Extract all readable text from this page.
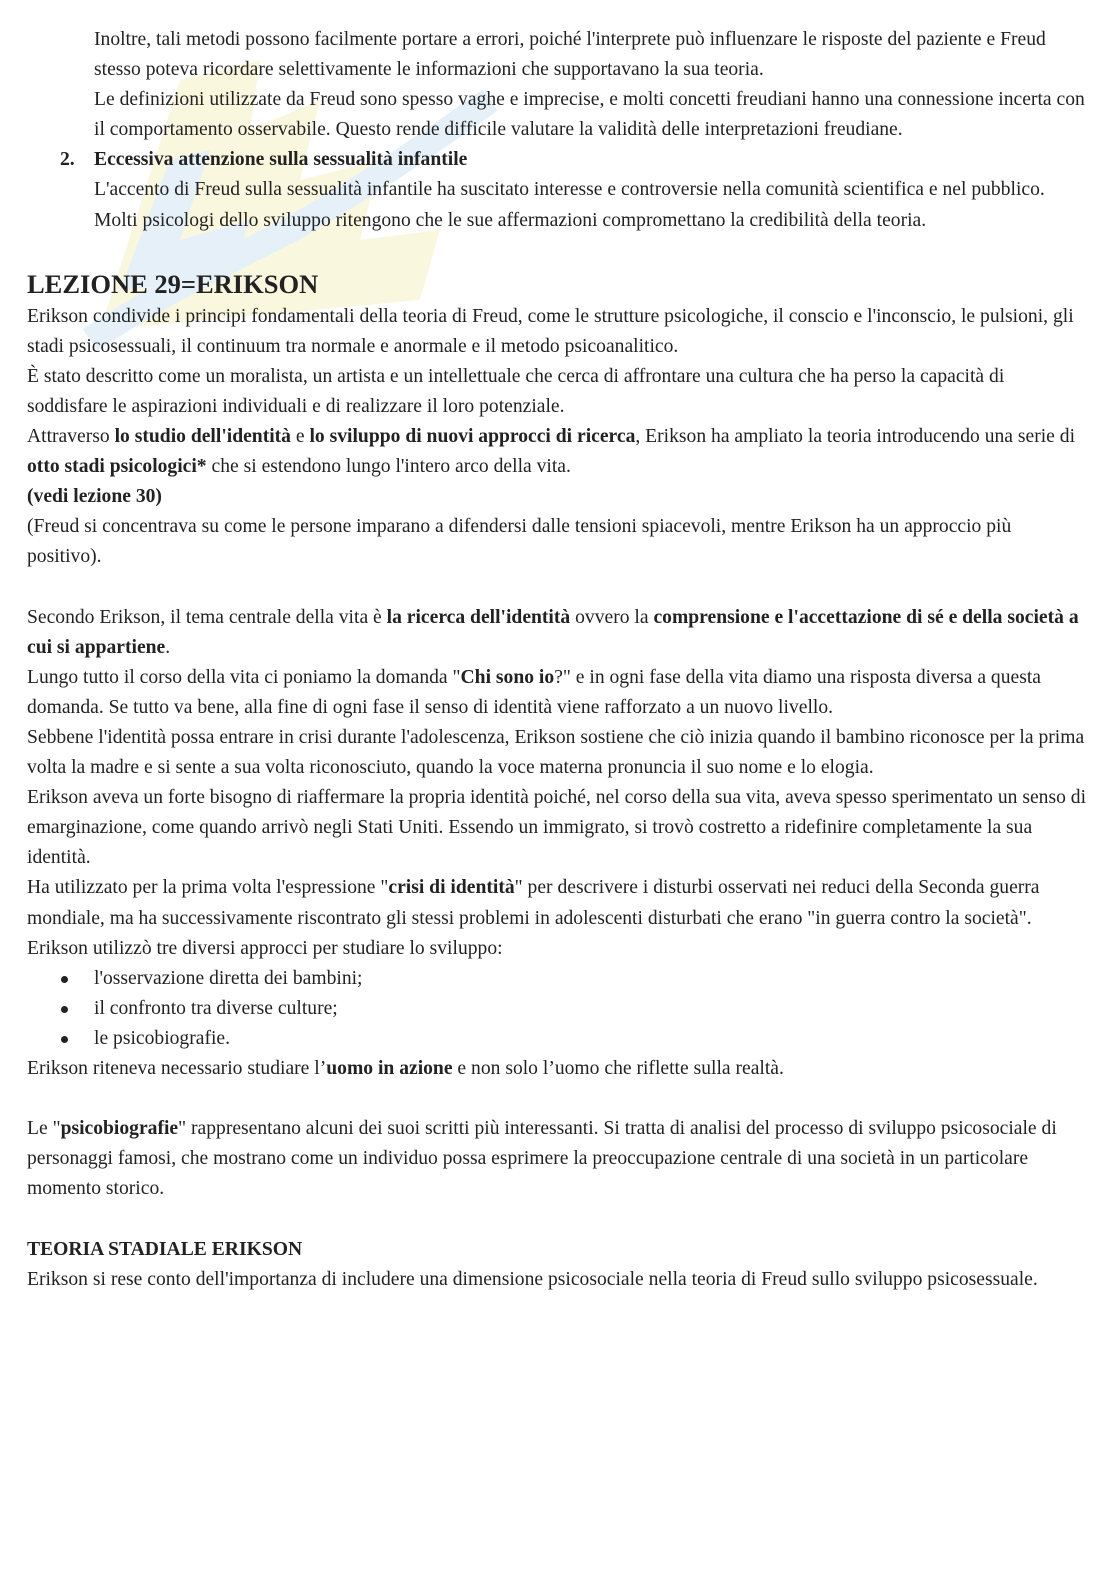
Inoltre, tali metodi possono facilmente portare a errori, poiché l'interprete può influenzare le risposte del paziente e Freud stesso poteva ricordare selettivamente le informazioni che supportavano la sua teoria.

Le definizioni utilizzate da Freud sono spesso vaghe e imprecise, e molti concetti freudiani hanno una connessione incerta con il comportamento osservabile. Questo rende difficile valutare la validità delle interpretazioni freudiane.

2. Eccessiva attenzione sulla sessualità infantile

L'accento di Freud sulla sessualità infantile ha suscitato interesse e controversie nella comunità scientifica e nel pubblico. Molti psicologi dello sviluppo ritengono che le sue affermazioni compromettano la credibilità della teoria.

LEZIONE 29=ERIKSON

Erikson condivide i principi fondamentali della teoria di Freud, come le strutture psicologiche, il conscio e l'inconscio, le pulsioni, gli stadi psicosessuali, il continuum tra normale e anormale e il metodo psicoanalitico.

È stato descritto come un moralista, un artista e un intellettuale che cerca di affrontare una cultura che ha perso la capacità di soddisfare le aspirazioni individuali e di realizzare il loro potenziale.

Attraverso lo studio dell'identità e lo sviluppo di nuovi approcci di ricerca, Erikson ha ampliato la teoria introducendo una serie di otto stadi psicologici* che si estendono lungo l'intero arco della vita.

(vedi lezione 30)

(Freud si concentrava su come le persone imparano a difendersi dalle tensioni spiacevoli, mentre Erikson ha un approccio più positivo).

Secondo Erikson, il tema centrale della vita è la ricerca dell'identità ovvero la comprensione e l'accettazione di sé e della società a cui si appartiene.

Lungo tutto il corso della vita ci poniamo la domanda "Chi sono io?" e in ogni fase della vita diamo una risposta diversa a questa domanda. Se tutto va bene, alla fine di ogni fase il senso di identità viene rafforzato a un nuovo livello.

Sebbene l'identità possa entrare in crisi durante l'adolescenza, Erikson sostiene che ciò inizia quando il bambino riconosce per la prima volta la madre e si sente a sua volta riconosciuto, quando la voce materna pronuncia il suo nome e lo elogia.

Erikson aveva un forte bisogno di riaffermare la propria identità poiché, nel corso della sua vita, aveva spesso sperimentato un senso di emarginazione, come quando arrivò negli Stati Uniti. Essendo un immigrato, si trovò costretto a ridefinire completamente la sua identità.

Ha utilizzato per la prima volta l'espressione "crisi di identità" per descrivere i disturbi osservati nei reduci della Seconda guerra mondiale, ma ha successivamente riscontrato gli stessi problemi in adolescenti disturbati che erano "in guerra contro la società".

Erikson utilizzò tre diversi approcci per studiare lo sviluppo:

l'osservazione diretta dei bambini;
il confronto tra diverse culture;
le psicobiografie.

Erikson riteneva necessario studiare l’uomo in azione e non solo l’uomo che riflette sulla realtà.

Le "psicobiografie" rappresentano alcuni dei suoi scritti più interessanti. Si tratta di analisi del processo di sviluppo psicosociale di personaggi famosi, che mostrano come un individuo possa esprimere la preoccupazione centrale di una società in un particolare momento storico.

TEORIA STADIALE ERIKSON

Erikson si rese conto dell'importanza di includere una dimensione psicosociale nella teoria di Freud sullo sviluppo psicosessuale.
